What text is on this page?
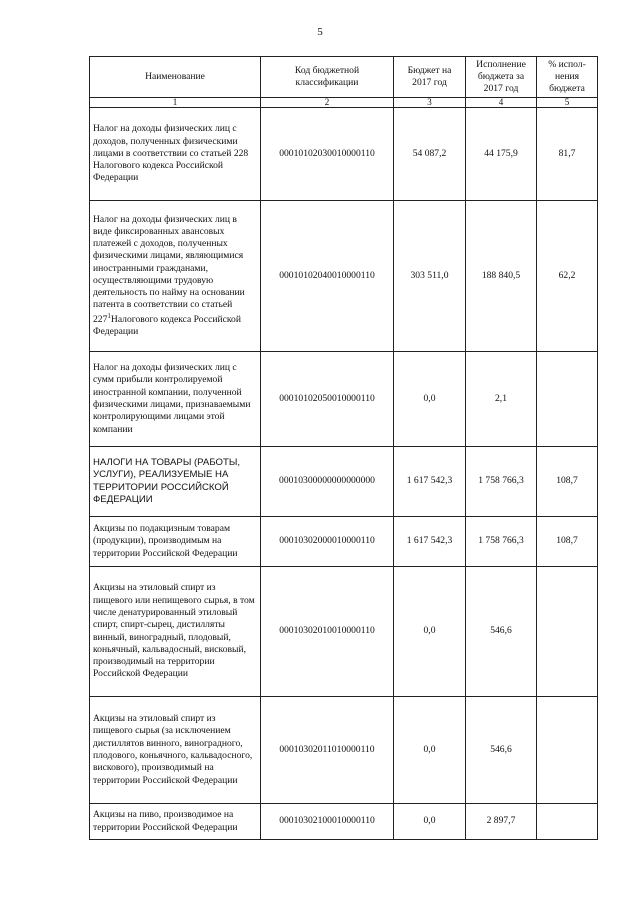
5
Наименование	Код бюджетной классификации	Бюджет на 2017 год	Исполнение бюджета за 2017 год	% испол-нения бюджета
1	2	3	4	5
Налог на доходы физических лиц с доходов, полученных физическими лицами в соответствии со статьей 228 Налогового кодекса Российской Федерации	00010102030010000110	54 087,2	44 175,9	81,7
Налог на доходы физических лиц в виде фиксированных авансовых платежей с доходов, полученных физическими лицами, являющимися иностранными гражданами, осуществляющими трудовую деятельность по найму на основании патента в соответствии со статьей $227^1Налогового$ кодекса Российской Федерации	00010102040010000110	303 511,0	188 840,5	62,2
Налог на доходы физических лиц с сумм прибыли контролируемой иностранной компании, полученной физическими лицами, признаваемыми контролирующими лицами этой компании	00010102050010000110	0,0	2,1	
НАЛОГИ НА ТОВАРЫ (РАБОТЫ, УСЛУГИ), РЕАЛИЗУЕМЫЕ НА ТЕРРИТОРИИ РОССИЙСКОЙ ФЕДЕРАЦИИ	00010300000000000000	1 617 542,3	1 758 766,3	108,7
Акцизы по подакцизным товарам (продукции), производимым на территории Российской Федерации	00010302000010000110	1 617 542,3	1 758 766,3	108,7
Акцизы на этиловый спирт из пищевого или непищевого сырья, в том числе денатурированный этиловый спирт, спирт-сырец, дистилляты винный, виноградный, плодовый, коньячный, кальвадосный, висковый, производимый на территории Российской Федерации	00010302010010000110	0,0	546,6	
Акцизы на этиловый спирт из пищевого сырья (за исключением дистиллятов винного, виноградного, плодового, коньячного, кальвадосного, вискового), производимый на территории Российской Федерации	00010302011010000110	0,0	546,6	
Акцизы на пиво, производимое на территории Российской Федерации	00010302100010000110	0,0	2 897,7	
